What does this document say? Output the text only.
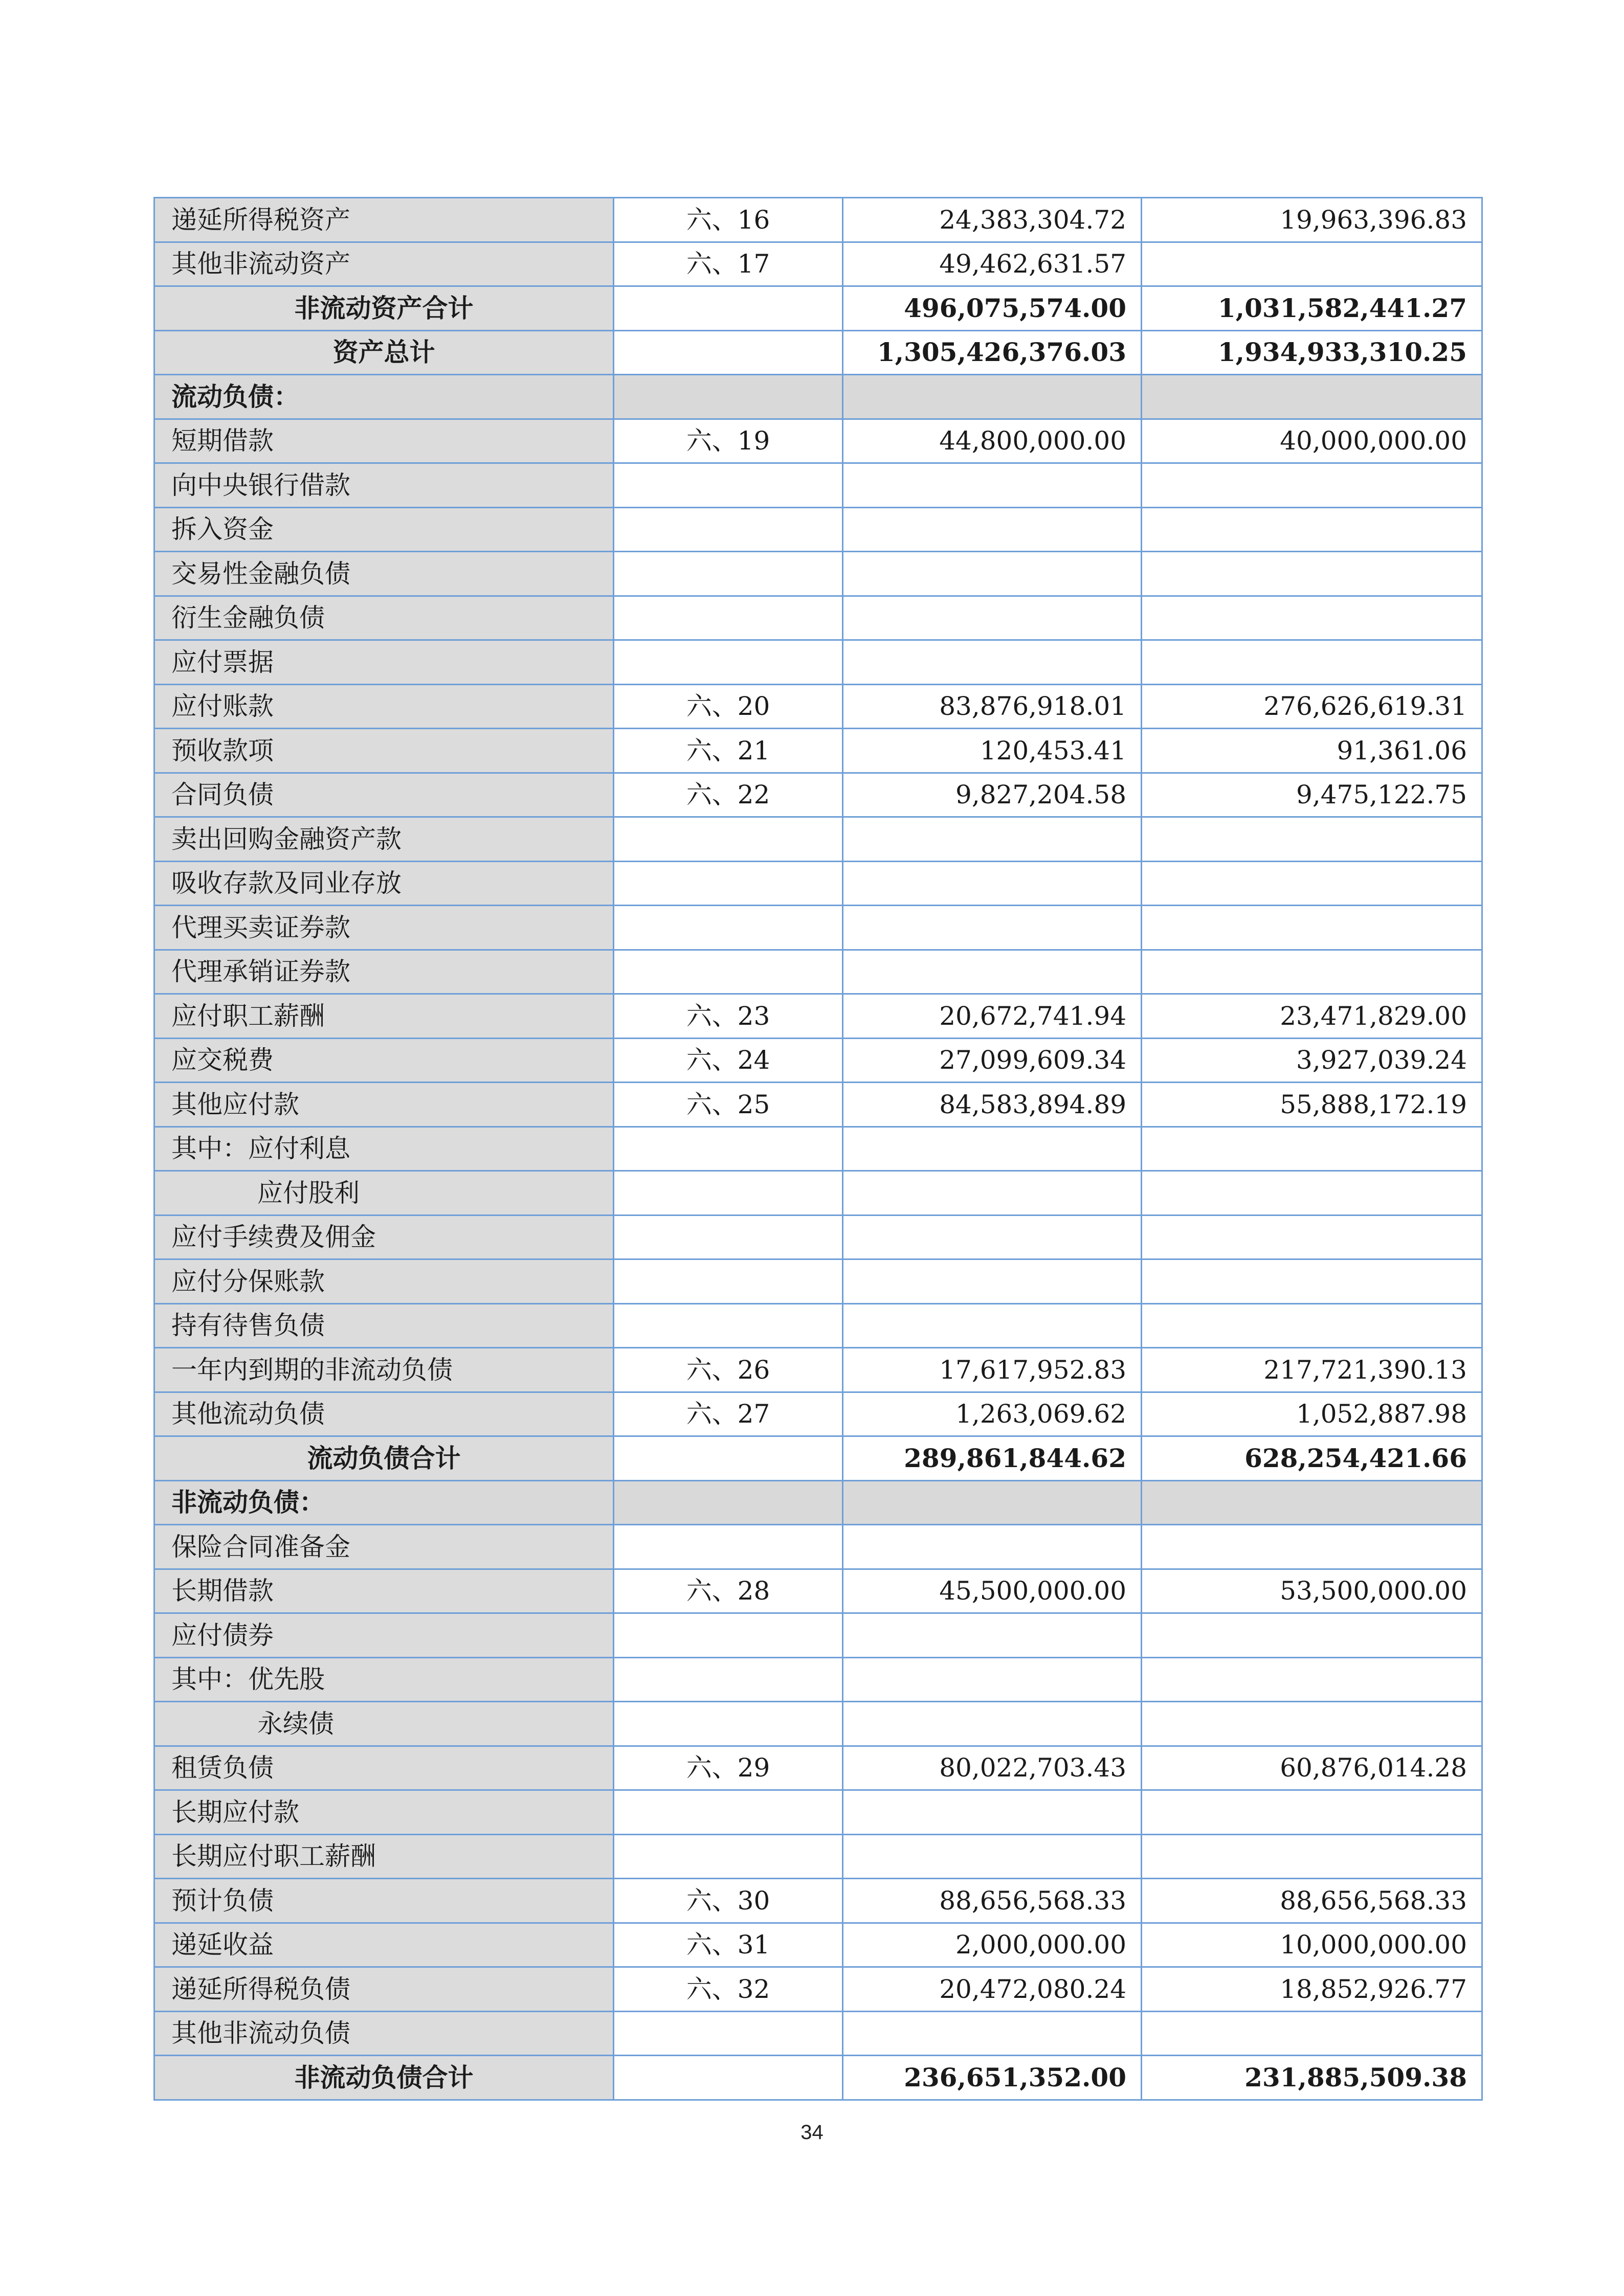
递延所得税资产	六、16	24,383,304.72	19,963,396.83
其他非流动资产	六、17	49,462,631.57	
非流动资产合计		496,075,574.00	1,031,582,441.27
资产总计		1,305,426,376.03	1,934,933,310.25
流动负债：			
短期借款	六、19	44,800,000.00	40,000,000.00
向中央银行借款			
拆入资金			
交易性金融负债			
衍生金融负债			
应付票据			
应付账款	六、20	83,876,918.01	276,626,619.31
预收款项	六、21	120,453.41	91,361.06
合同负债	六、22	9,827,204.58	9,475,122.75
卖出回购金融资产款			
吸收存款及同业存放			
代理买卖证券款			
代理承销证券款			
应付职工薪酬	六、23	20,672,741.94	23,471,829.00
应交税费	六、24	27,099,609.34	3,927,039.24
其他应付款	六、25	84,583,894.89	55,888,172.19
其中：应付利息			
应付股利			
应付手续费及佣金			
应付分保账款			
持有待售负债			
一年内到期的非流动负债	六、26	17,617,952.83	217,721,390.13
其他流动负债	六、27	1,263,069.62	1,052,887.98
流动负债合计		289,861,844.62	628,254,421.66
非流动负债：			
保险合同准备金			
长期借款	六、28	45,500,000.00	53,500,000.00
应付债券			
其中：优先股			
永续债			
租赁负债	六、29	80,022,703.43	60,876,014.28
长期应付款			
长期应付职工薪酬			
预计负债	六、30	88,656,568.33	88,656,568.33
递延收益	六、31	2,000,000.00	10,000,000.00
递延所得税负债	六、32	20,472,080.24	18,852,926.77
其他非流动负债			
非流动负债合计		236,651,352.00	231,885,509.38
34
